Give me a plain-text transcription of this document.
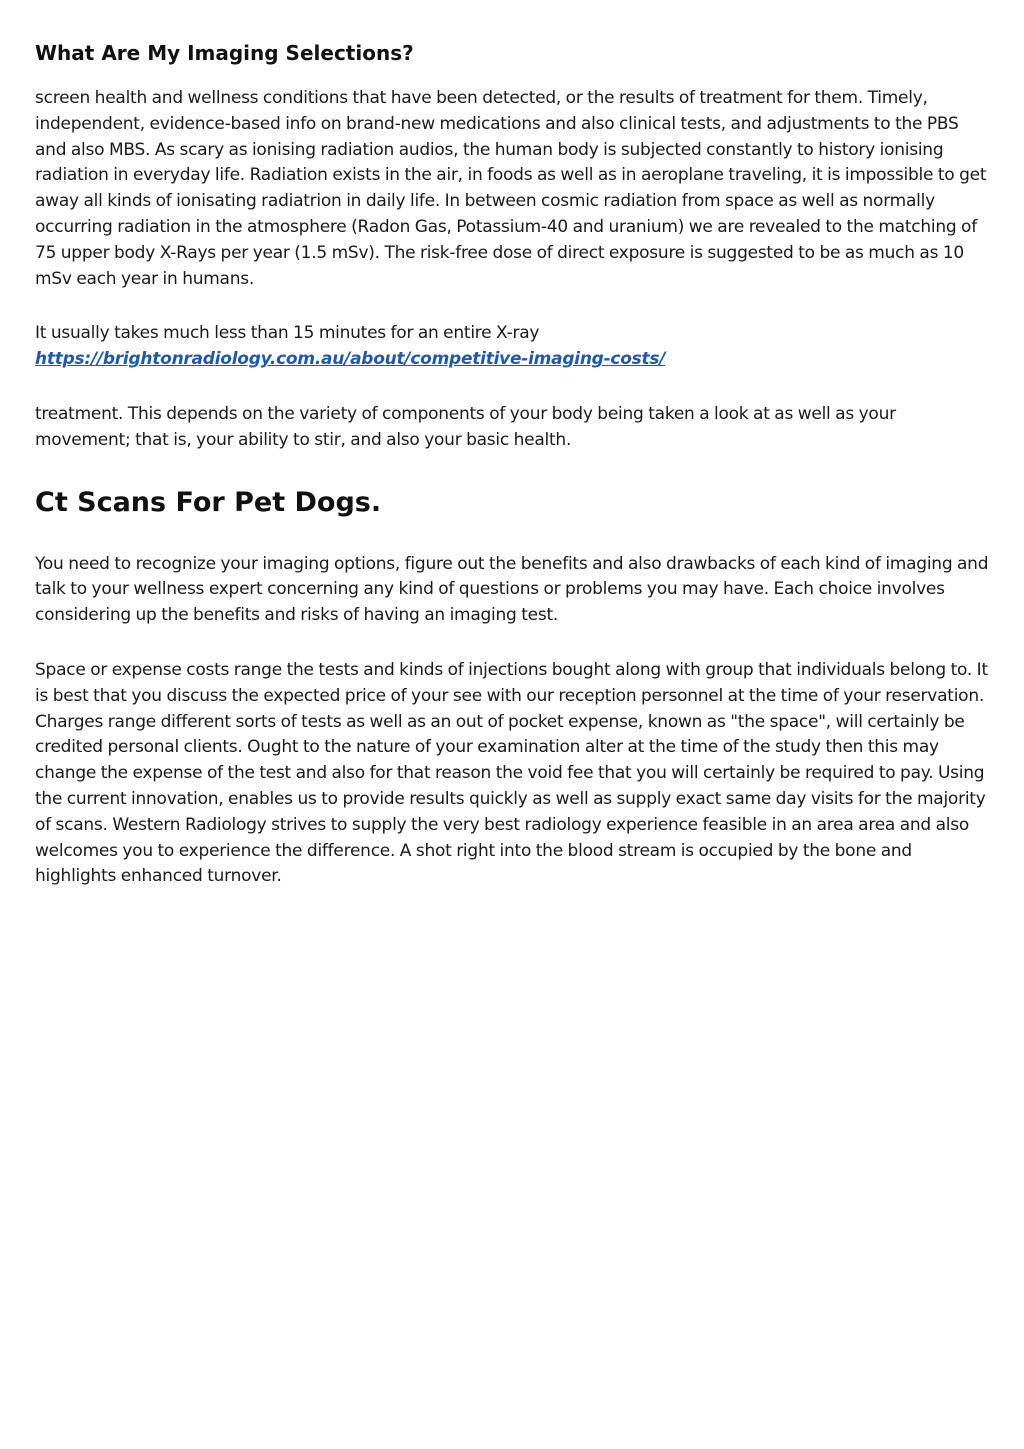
What Are My Imaging Selections?

screen health and wellness conditions that have been detected, or the results of treatment for them. Timely, independent, evidence-based info on brand-new medications and also clinical tests, and adjustments to the PBS and also MBS. As scary as ionising radiation audios, the human body is subjected constantly to history ionising radiation in everyday life. Radiation exists in the air, in foods as well as in aeroplane traveling, it is impossible to get away all kinds of ionisating radiatrion in daily life. In between cosmic radiation from space as well as normally occurring radiation in the atmosphere (Radon Gas, Potassium-40 and uranium) we are revealed to the matching of 75 upper body X-Rays per year (1.5 mSv). The risk-free dose of direct exposure is suggested to be as much as 10 mSv each year in humans.

It usually takes much less than 15 minutes for an entire X-ray
https://brightonradiology.com.au/about/competitive-imaging-costs/

treatment. This depends on the variety of components of your body being taken a look at as well as your movement; that is, your ability to stir, and also your basic health.

Ct Scans For Pet Dogs.

You need to recognize your imaging options, figure out the benefits and also drawbacks of each kind of imaging and talk to your wellness expert concerning any kind of questions or problems you may have. Each choice involves considering up the benefits and risks of having an imaging test.

Space or expense costs range the tests and kinds of injections bought along with group that individuals belong to. It is best that you discuss the expected price of your see with our reception personnel at the time of your reservation. Charges range different sorts of tests as well as an out of pocket expense, known as "the space", will certainly be credited personal clients. Ought to the nature of your examination alter at the time of the study then this may change the expense of the test and also for that reason the void fee that you will certainly be required to pay. Using the current innovation, enables us to provide results quickly as well as supply exact same day visits for the majority of scans. Western Radiology strives to supply the very best radiology experience feasible in an area area and also welcomes you to experience the difference. A shot right into the blood stream is occupied by the bone and highlights enhanced turnover.
